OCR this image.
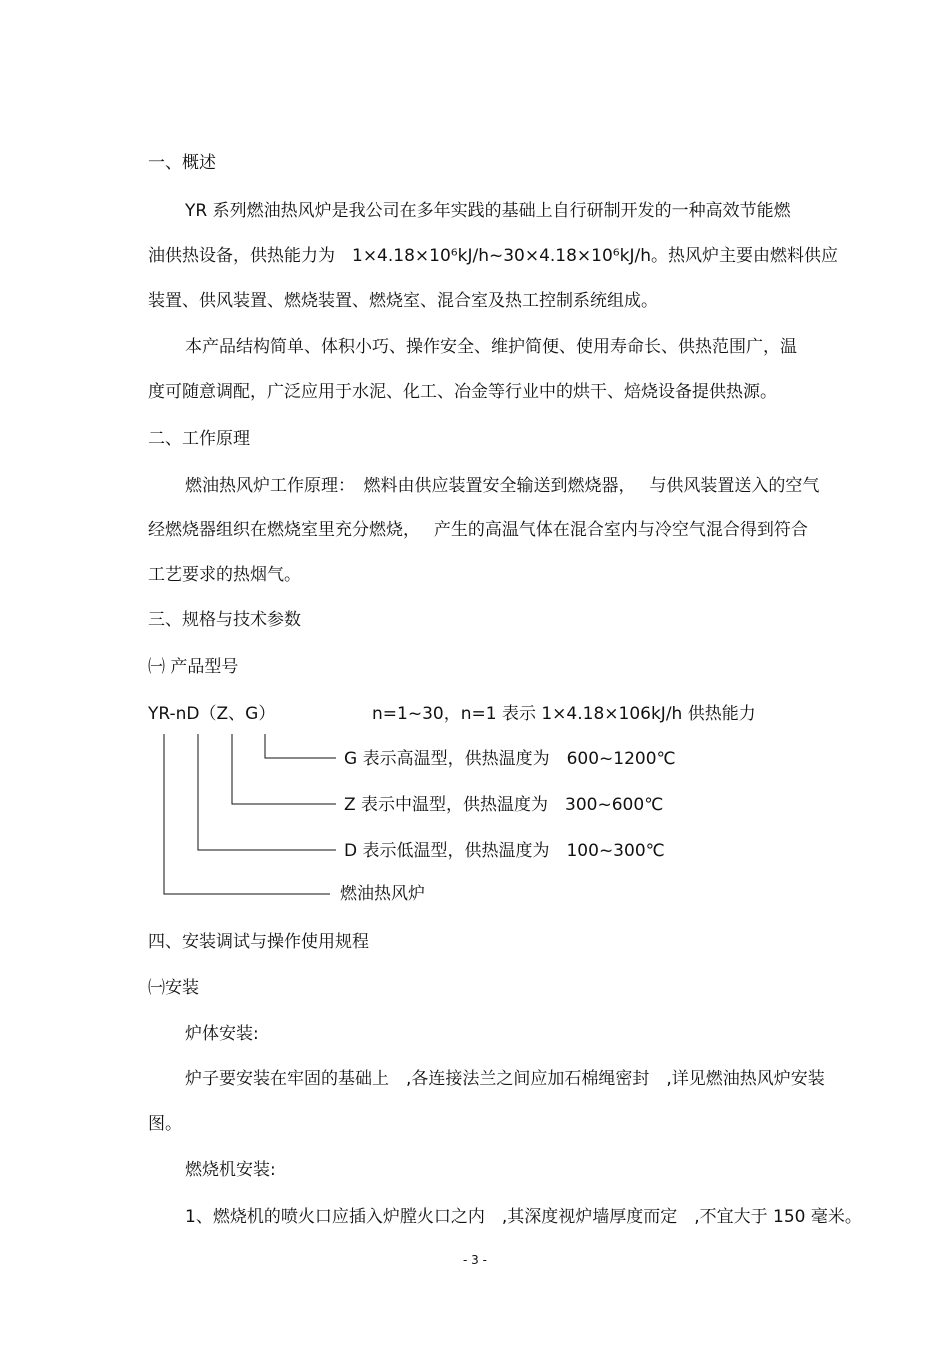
一、概述
YR 系列燃油热风炉是我公司在多年实践的基础上自行研制开发的一种高效节能燃
油供热设备，供热能力为　1×4.18×10⁶kJ/h~30×4.18×10⁶kJ/h。热风炉主要由燃料供应
装置、供风装置、燃烧装置、燃烧室、混合室及热工控制系统组成。
本产品结构简单、体积小巧、操作安全、维护简便、使用寿命长、供热范围广，温
度可随意调配，广泛应用于水泥、化工、冶金等行业中的烘干、焙烧设备提供热源。
二、工作原理
燃油热风炉工作原理：　燃料由供应装置安全输送到燃烧器，　 与供风装置送入的空气
经燃烧器组织在燃烧室里充分燃烧，　 产生的高温气体在混合室内与冷空气混合得到符合
工艺要求的热烟气。
三、规格与技术参数
㈠ 产品型号
YR-nD（Z、G）	n=1~30，n=1 表示 1×4.18×106kJ/h 供热能力
G 表示高温型，供热温度为　600~1200℃
Z 表示中温型，供热温度为　300~600℃
D 表示低温型，供热温度为　100~300℃
燃油热风炉
四、安装调试与操作使用规程
㈠安装
炉体安装:
炉子要安装在牢固的基础上　,各连接法兰之间应加石棉绳密封　,详见燃油热风炉安装
图。
燃烧机安装:
1、燃烧机的喷火口应插入炉膛火口之内　,其深度视炉墙厚度而定　,不宜大于 150 毫米。
- 3 -
